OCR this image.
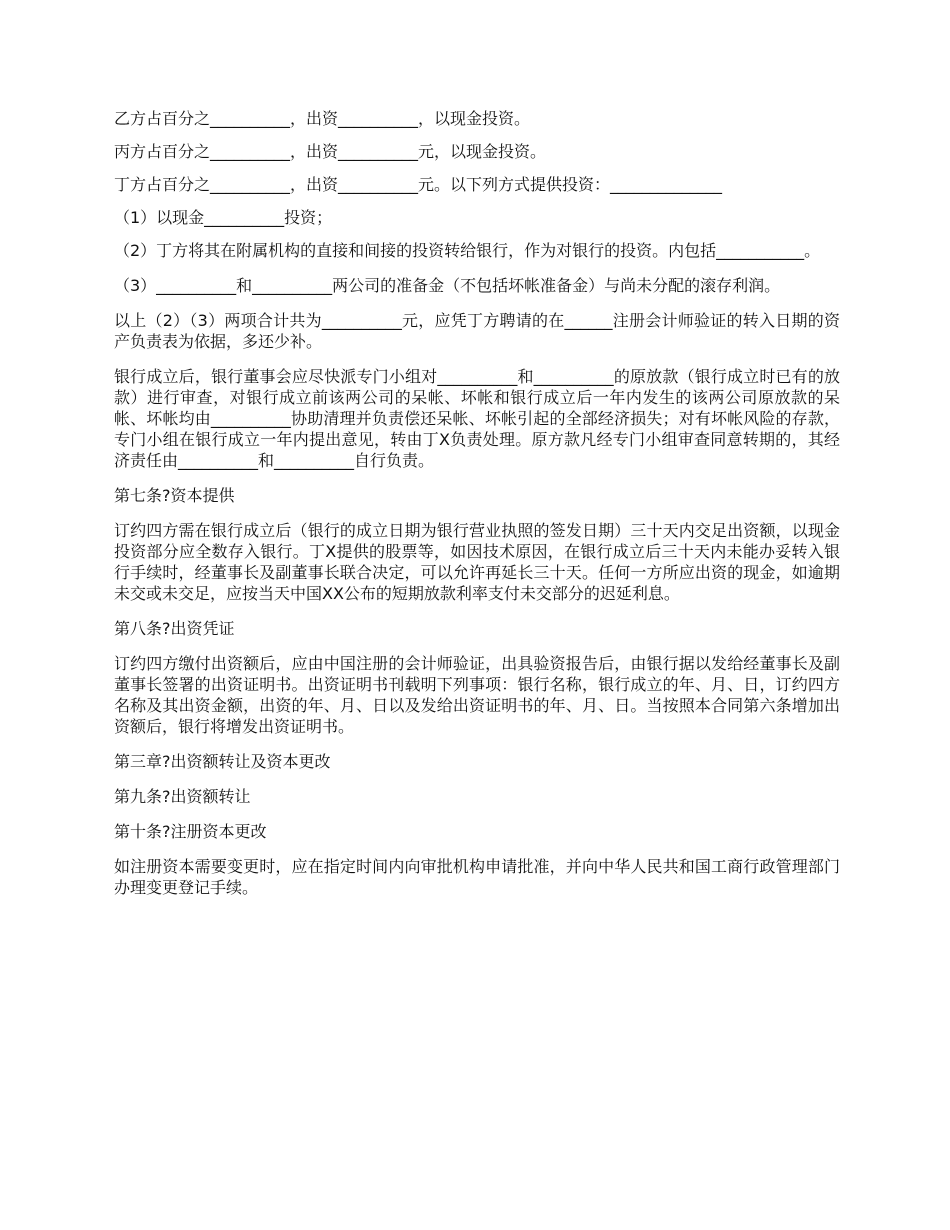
乙方占百分之__________，出资__________，以现金投资。

丙方占百分之__________，出资__________元，以现金投资。

丁方占百分之__________，出资__________元。以下列方式提供投资：______________

（1）以现金__________投资；

（2）丁方将其在附属机构的直接和间接的投资转给银行，作为对银行的投资。内包括___________。

（3）__________和__________两公司的准备金（不包括坏帐准备金）与尚未分配的滚存利润。

以上（2）（3）两项合计共为__________元，应凭丁方聘请的在______注册会计师验证的转入日期的资产负责表为依据，多还少补。

银行成立后，银行董事会应尽快派专门小组对__________和__________的原放款（银行成立时已有的放款）进行审查，对银行成立前该两公司的呆帐、坏帐和银行成立后一年内发生的该两公司原放款的呆帐、坏帐均由__________协助清理并负责偿还呆帐、坏帐引起的全部经济损失；对有坏帐风险的存款，专门小组在银行成立一年内提出意见，转由丁X负责处理。原方款凡经专门小组审查同意转期的，其经济责任由__________和__________自行负责。

第七条?资本提供

订约四方需在银行成立后（银行的成立日期为银行营业执照的签发日期）三十天内交足出资额，以现金投资部分应全数存入银行。丁X提供的股票等，如因技术原因，在银行成立后三十天内未能办妥转入银行手续时，经董事长及副董事长联合决定，可以允许再延长三十天。任何一方所应出资的现金，如逾期未交或未交足，应按当天中国XX公布的短期放款利率支付未交部分的迟延利息。

第八条?出资凭证

订约四方缴付出资额后，应由中国注册的会计师验证，出具验资报告后，由银行据以发给经董事长及副董事长签署的出资证明书。出资证明书刊载明下列事项：银行名称，银行成立的年、月、日，订约四方名称及其出资金额，出资的年、月、日以及发给出资证明书的年、月、日。当按照本合同第六条增加出资额后，银行将增发出资证明书。

第三章?出资额转让及资本更改

第九条?出资额转让

第十条?注册资本更改

如注册资本需要变更时，应在指定时间内向审批机构申请批准，并向中华人民共和国工商行政管理部门办理变更登记手续。
